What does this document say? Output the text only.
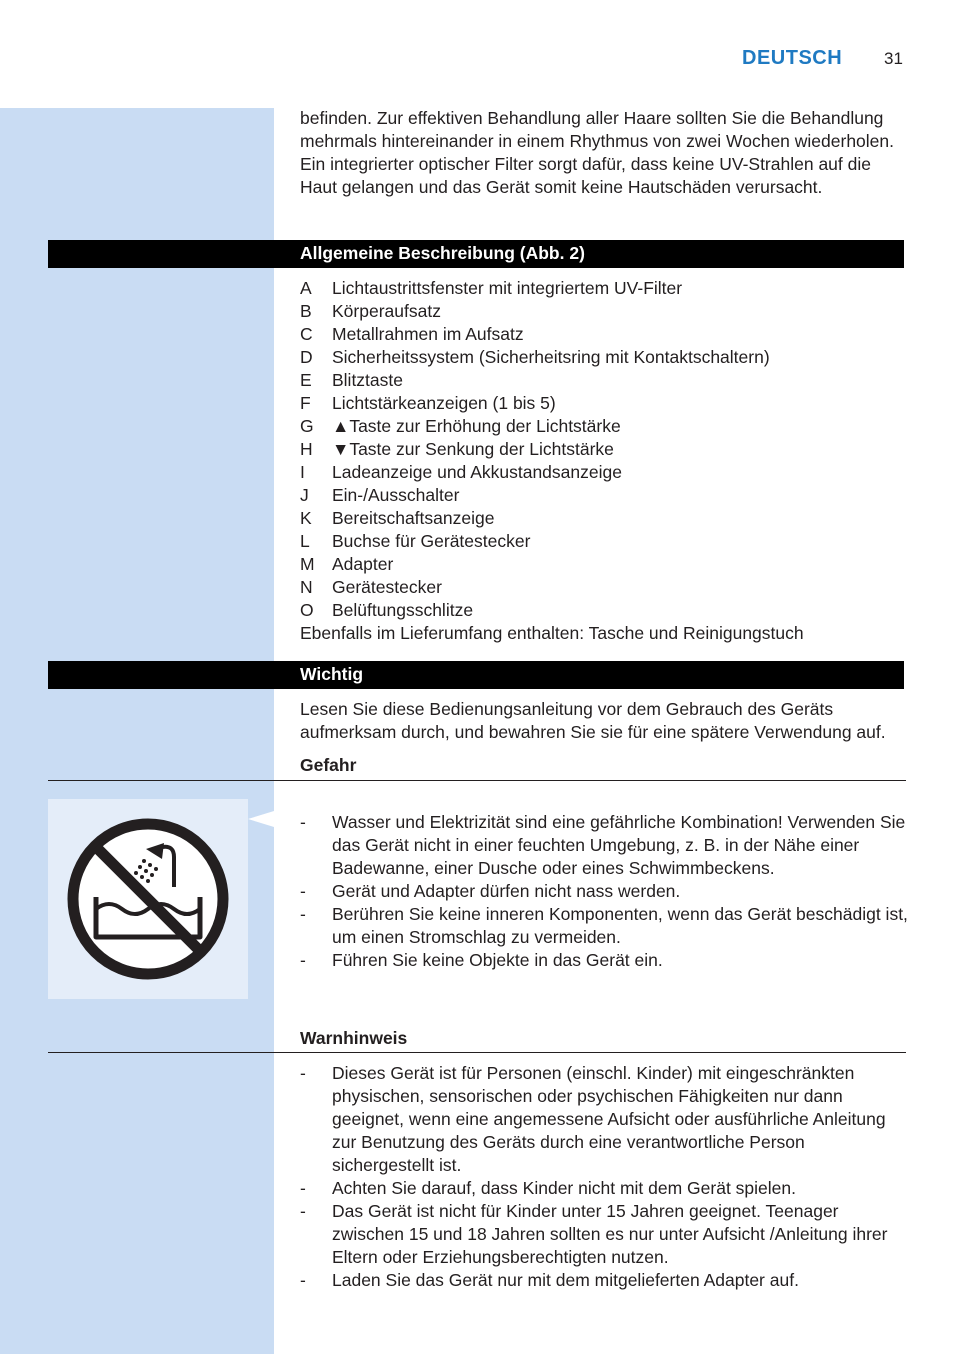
DEUTSCH 31

befinden. Zur effektiven Behandlung aller Haare sollten Sie die Behandlung mehrmals hintereinander in einem Rhythmus von zwei Wochen wiederholen.

Ein integrierter optischer Filter sorgt dafür, dass keine UV-Strahlen auf die Haut gelangen und das Gerät somit keine Hautschäden verursacht.

Allgemeine Beschreibung (Abb. 2)
A	Lichtaustrittsfenster mit integriertem UV-Filter
B	Körperaufsatz
C	Metallrahmen im Aufsatz
D	Sicherheitssystem (Sicherheitsring mit Kontaktschaltern)
E	Blitztaste
F	Lichtstärkeanzeigen (1 bis 5)
G	▲Taste zur Erhöhung der Lichtstärke
H	▼Taste zur Senkung der Lichtstärke
I	Ladeanzeige und Akkustandsanzeige
J	Ein-/Ausschalter
K	Bereitschaftsanzeige
L	Buchse für Gerätestecker
M Adapter
N	Gerätestecker
O	Belüftungsschlitze

Ebenfalls im Lieferumfang enthalten: Tasche und Reinigungstuch

Wichtig

Lesen Sie diese Bedienungsanleitung vor dem Gebrauch des Geräts aufmerksam durch, und bewahren Sie sie für eine spätere Verwendung auf.

Gefahr
-	Wasser und Elektrizität sind eine gefährliche Kombination! Verwenden Sie das Gerät nicht in einer feuchten Umgebung, z. B. in der Nähe einer Badewanne, einer Dusche oder eines Schwimmbeckens.
-	Gerät und Adapter dürfen nicht nass werden.
-	Berühren Sie keine inneren Komponenten, wenn das Gerät beschädigt ist, um einen Stromschlag zu vermeiden.
-	Führen Sie keine Objekte in das Gerät ein.
Warnhinweis
-	Dieses Gerät ist für Personen (einschl. Kinder) mit eingeschränkten physischen, sensorischen oder psychischen Fähigkeiten nur dann geeignet, wenn eine angemessene Aufsicht oder ausführliche Anleitung zur Benutzung des Geräts durch eine verantwortliche Person sichergestellt ist.
-	Achten Sie darauf, dass Kinder nicht mit dem Gerät spielen.
-	Das Gerät ist nicht für Kinder unter 15 Jahren geeignet. Teenager zwischen 15 und 18 Jahren sollten es nur unter Aufsicht /Anleitung ihrer Eltern oder Erziehungsberechtigten nutzen.
-	Laden Sie das Gerät nur mit dem mitgelieferten Adapter auf.
